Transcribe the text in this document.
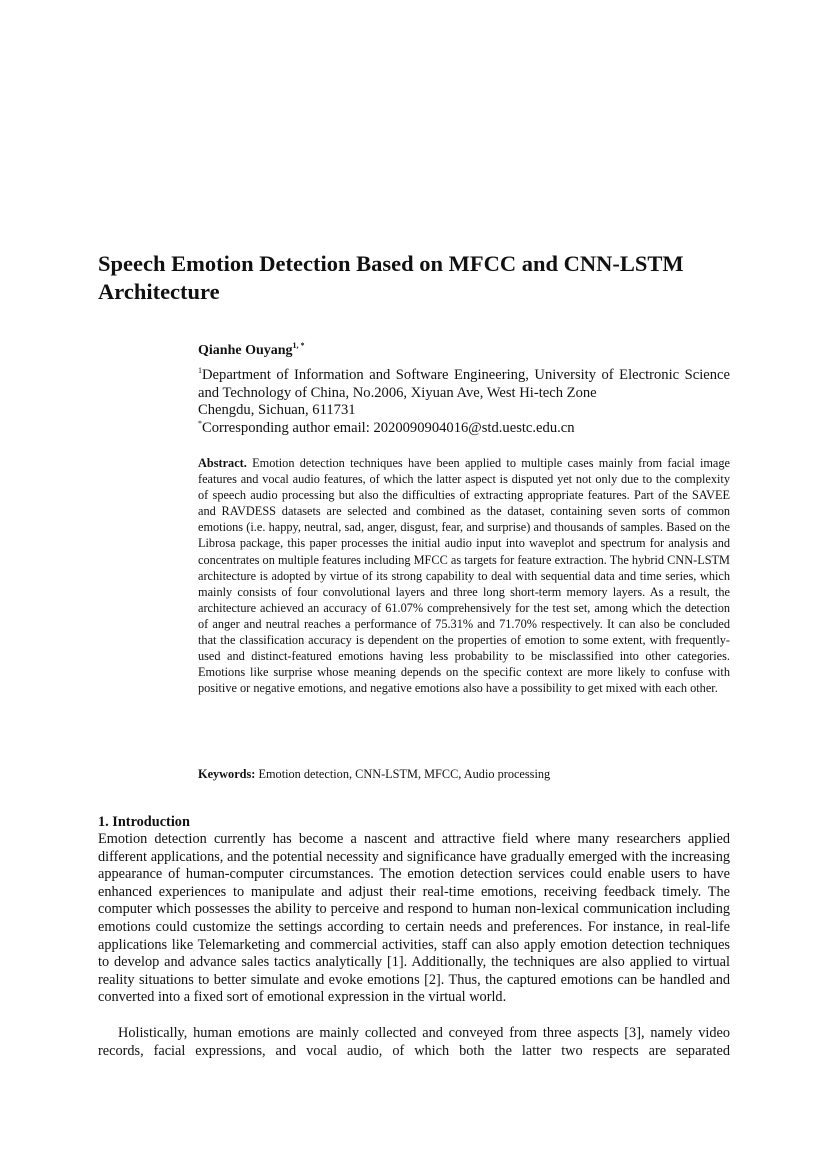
Speech Emotion Detection Based on MFCC and CNN-LSTM Architecture

Qianhe Ouyang$^{1, *}$

$^1$Department of Information and Software Engineering, University of Electronic Science and Technology of China, No.2006, Xiyuan Ave, West Hi-tech Zone
Chengdu, Sichuan, 611731

*Corresponding author email: 2020090904016@std.uestc.edu.cn

Abstract. Emotion detection techniques have been applied to multiple cases mainly from facial image features and vocal audio features, of which the latter aspect is disputed yet not only due to the complexity of speech audio processing but also the difficulties of extracting appropriate features. Part of the SAVEE and RAVDESS datasets are selected and combined as the dataset, containing seven sorts of common emotions (i.e. happy, neutral, sad, anger, disgust, fear, and surprise) and thousands of samples. Based on the Librosa package, this paper processes the initial audio input into waveplot and spectrum for analysis and concentrates on multiple features including MFCC as targets for feature extraction. The hybrid CNN-LSTM architecture is adopted by virtue of its strong capability to deal with sequential data and time series, which mainly consists of four convolutional layers and three long short-term memory layers. As a result, the architecture achieved an accuracy of 61.07% comprehensively for the test set, among which the detection of anger and neutral reaches a performance of 75.31% and 71.70% respectively. It can also be concluded that the classification accuracy is dependent on the properties of emotion to some extent, with frequently-used and distinct-featured emotions having less probability to be misclassified into other categories. Emotions like surprise whose meaning depends on the specific context are more likely to confuse with positive or negative emotions, and negative emotions also have a possibility to get mixed with each other.

Keywords: Emotion detection, CNN-LSTM, MFCC, Audio processing

1. Introduction

Emotion detection currently has become a nascent and attractive field where many researchers applied different applications, and the potential necessity and significance have gradually emerged with the increasing appearance of human-computer circumstances. The emotion detection services could enable users to have enhanced experiences to manipulate and adjust their real-time emotions, receiving feedback timely. The computer which possesses the ability to perceive and respond to human non-lexical communication including emotions could customize the settings according to certain needs and preferences. For instance, in real-life applications like Telemarketing and commercial activities, staff can also apply emotion detection techniques to develop and advance sales tactics analytically [1]. Additionally, the techniques are also applied to virtual reality situations to better simulate and evoke emotions [2]. Thus, the captured emotions can be handled and converted into a fixed sort of emotional expression in the virtual world.

Holistically, human emotions are mainly collected and conveyed from three aspects [3], namely video records, facial expressions, and vocal audio, of which both the latter two respects are separated
